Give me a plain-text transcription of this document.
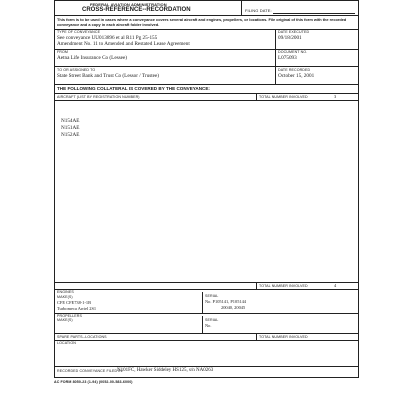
FEDERAL AVIATION ADMINISTRATION
CROSS-REFERENCE--RECORDATION	FILING DATE:
This form is to be used in cases where a conveyance covers several aircraft and engines, propellers, or locations. File original of this form with the recorded conveyance and a copy in each aircraft folder involved.
TYPE OF CONVEYANCE
See conveyance UU013896 et al R11 Pg 25-155
Amendment No. 11 to Amended and Restated Lease Agreement
DATE EXECUTED
09/18/2001
FROM
Aetna Life Insurance Co (Lessee)
DOCUMENT NO.
L075093
TO OR ASSIGNED TO
State Street Bank and Trust Co (Lessor / Trustee)
DATE RECORDED
October 15, 2001
THE FOLLOWING COLLATERAL IS COVERED BY THE CONVEYANCE:
AIRCRAFT (LIST BY REGISTRATION NUMBER)	TOTAL NUMBER INVOLVED	3
N154AE
N151AE
N152AE
TOTAL NUMBER INVOLVED	4
ENGINES
MAKE(S)
CFE CFE738-1-1B
Turbomeca Arriel 2S1
SERIAL
No. P105141, P105144
20040, 20045
PROPELLERS
MAKE(S)	SERIAL
No.
SPARE PARTS--LOCATIONS	TOTAL NUMBER INVOLVED
LOCATION
RECORDED CONVEYANCE FILED IN:
N101FC, Hawker Siddeley HS125, s/n NA0263
AC FORM 8050-23 (1-94) (0052-00-583-6000)
